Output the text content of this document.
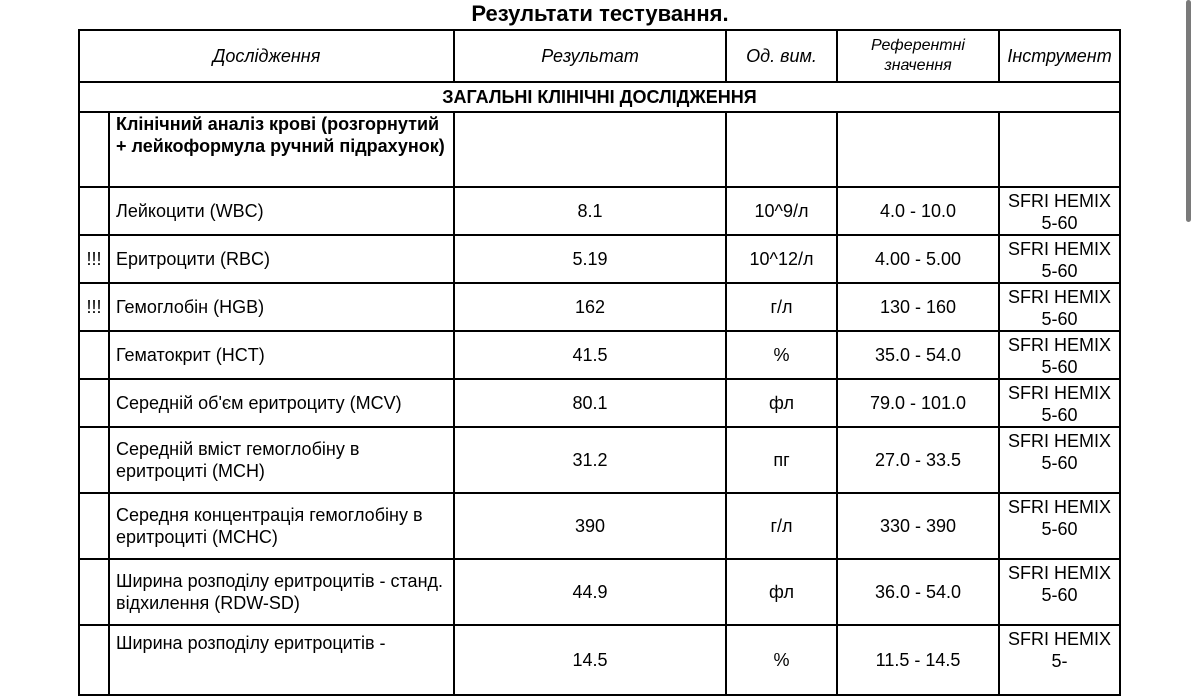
Результати тестування.
Дослідження		Результат	Од. вим.	Референтні значення	Інструмент
ЗАГАЛЬНІ КЛІНІЧНІ ДОСЛІДЖЕННЯ					
	Клінічний аналіз крові (розгорнутий + лейкоформула ручний підрахунок)				
	Лейкоцити (WBC)	8.1	10^9/л	4.0 - 10.0	SFRI HEMIX 5-60
!!!	Еритроцити (RBC)	5.19	10^12/л	4.00 - 5.00	SFRI HEMIX 5-60
!!!	Гемоглобін (HGB)	162	г/л	130 - 160	SFRI HEMIX 5-60
	Гематокрит (HCT)	41.5	%	35.0 - 54.0	SFRI HEMIX 5-60
	Середній об'єм еритроциту (MCV)	80.1	фл	79.0 - 101.0	SFRI HEMIX 5-60
	Середній вміст гемоглобіну в еритроциті (MCH)	31.2	пг	27.0 - 33.5	SFRI HEMIX 5-60
	Середня концентрація гемоглобіну в еритроциті (MCHC)	390	г/л	330 - 390	SFRI HEMIX 5-60
	Ширина розподілу еритроцитів - станд. відхилення (RDW-SD)	44.9	фл	36.0 - 54.0	SFRI HEMIX 5-60
	Ширина розподілу еритроцитів -	14.5	%	11.5 - 14.5	SFRI HEMIX 5-
